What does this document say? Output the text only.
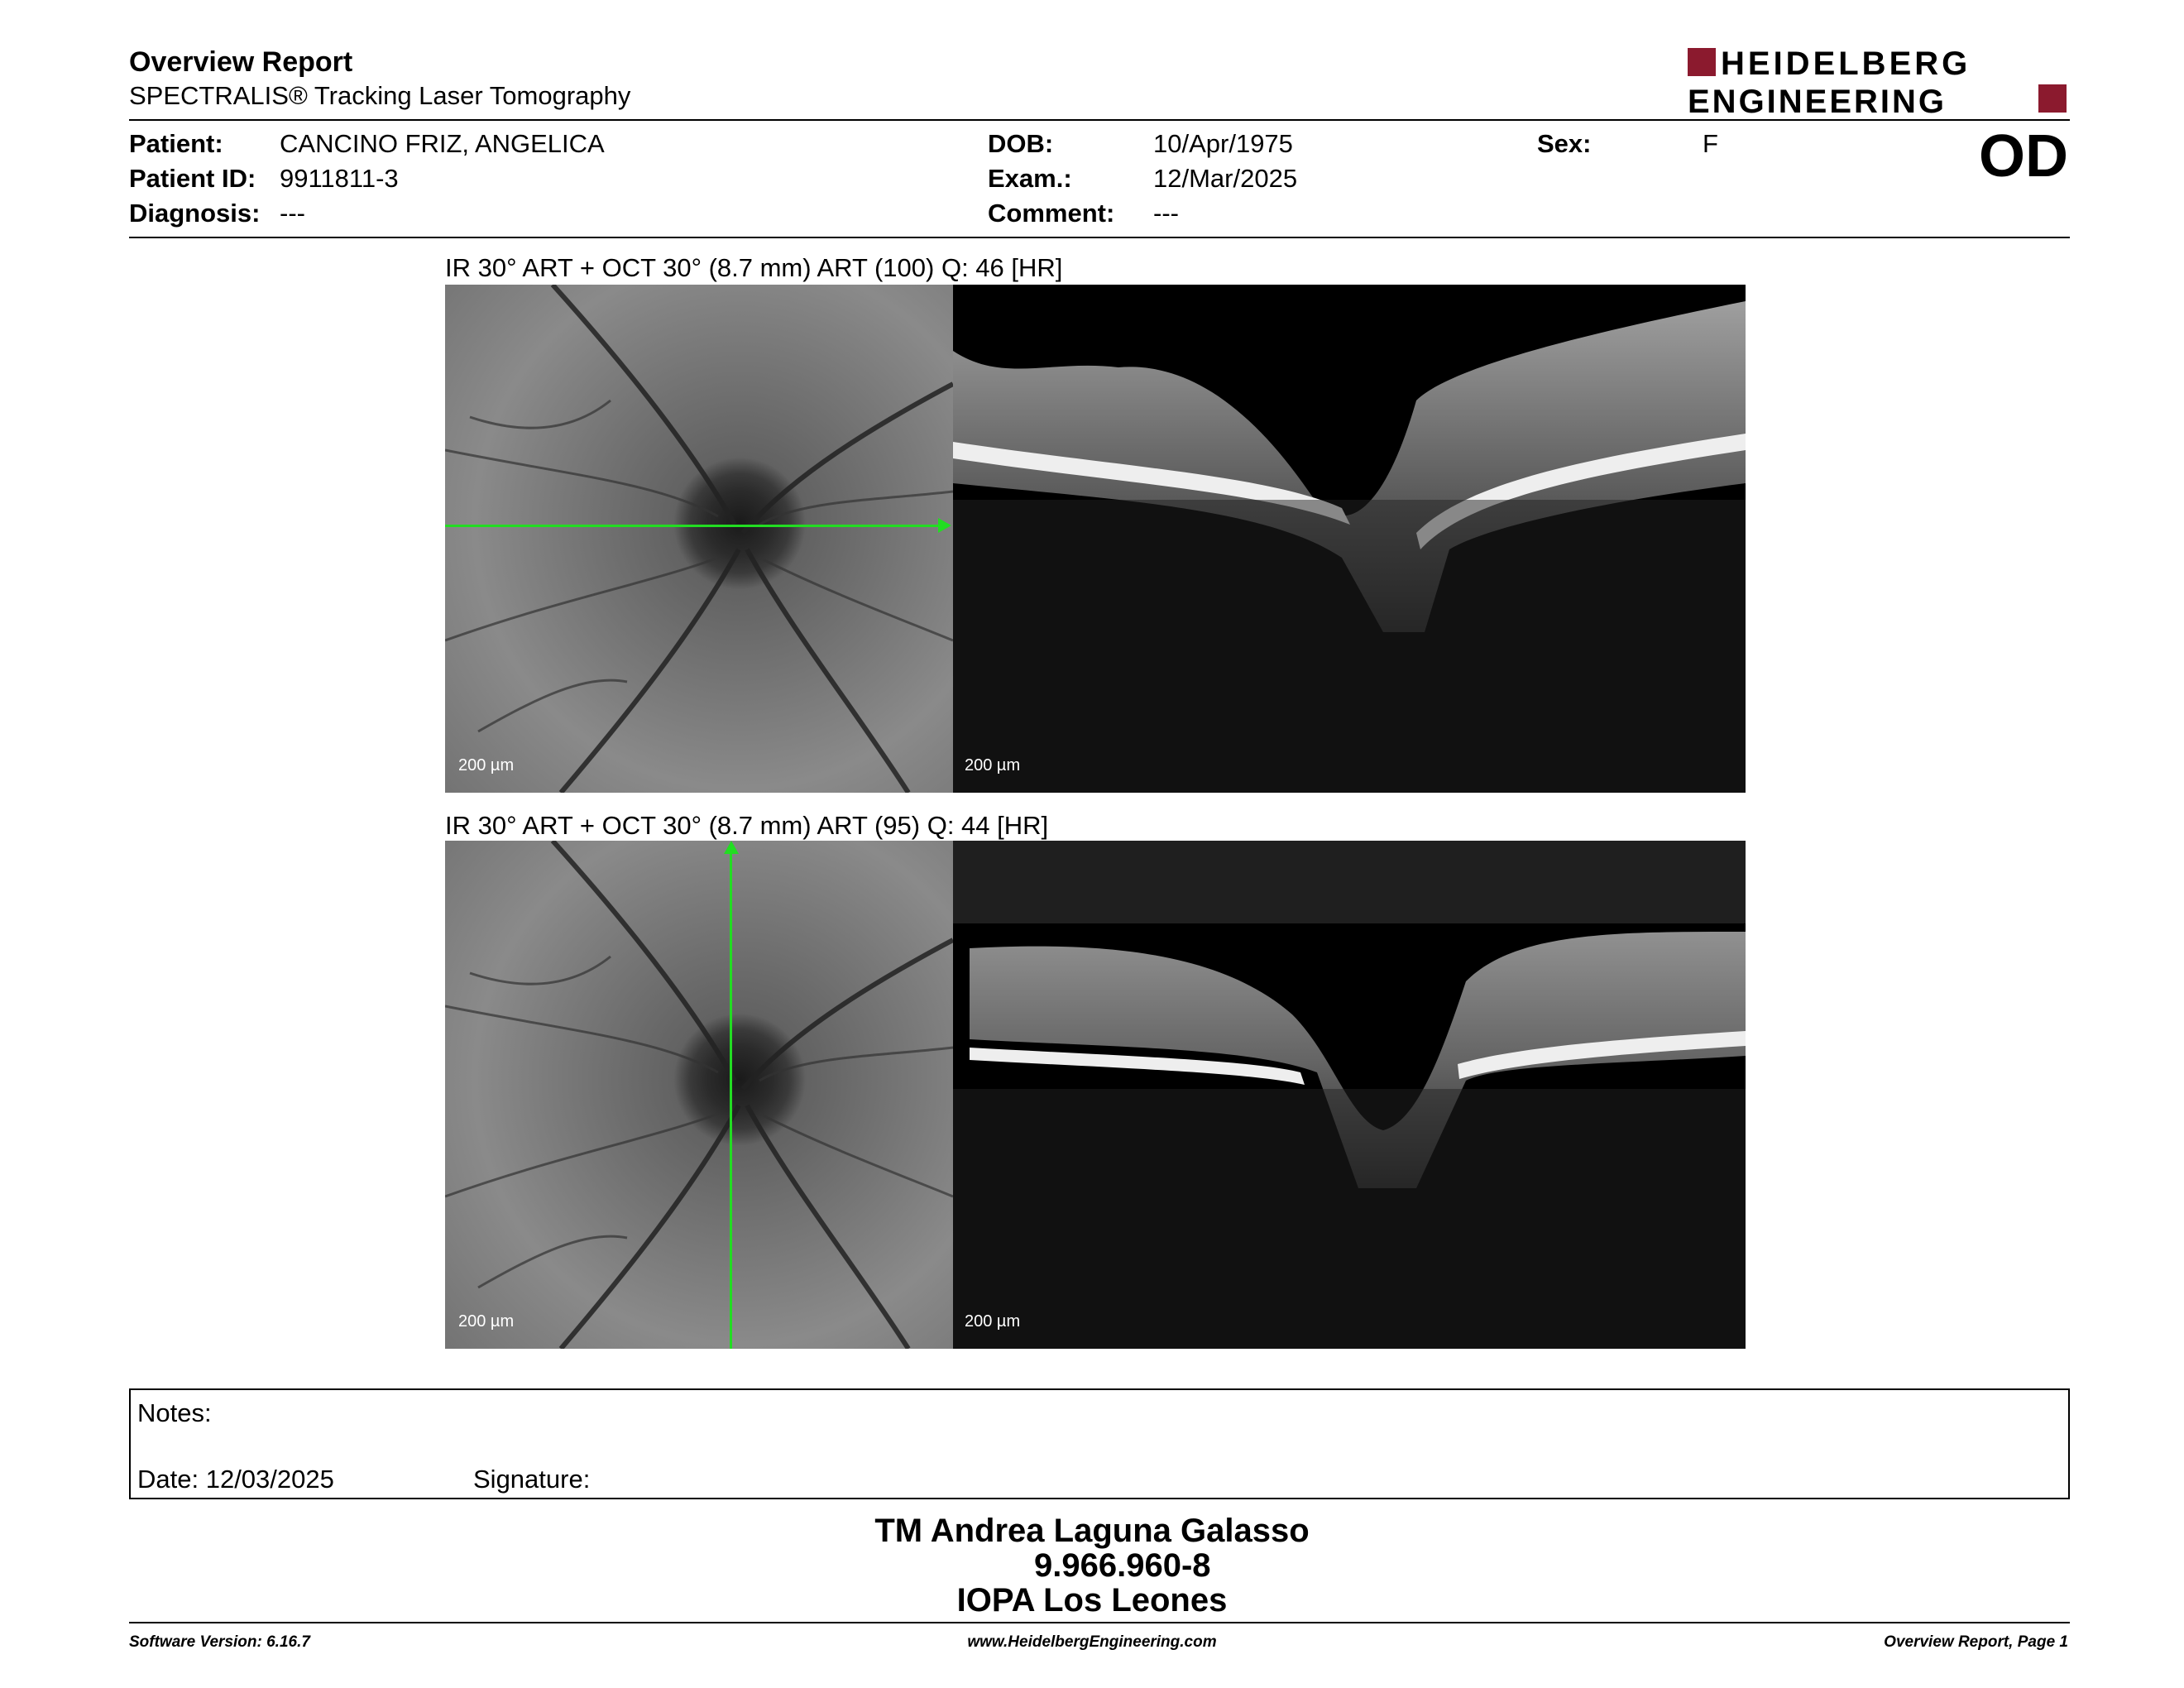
Overview Report
SPECTRALIS® Tracking Laser Tomography
HEIDELBERG
ENGINEERING
Patient: CANCINO FRIZ, ANGELICA
Patient ID: 9911811-3
Diagnosis: ---
DOB:	10/Apr/1975
Exam.:	12/Mar/2025
Comment: ---
Sex:	F	OD
IR 30° ART + OCT 30° (8.7 mm) ART (100) Q: 46 [HR]
200 µm	200 µm
IR 30° ART + OCT 30° (8.7 mm) ART (95) Q: 44 [HR]
200 µm	200 µm
Notes:
Date: 12/03/2025	Signature:
TM Andrea Laguna Galasso
9.966.960-8
IOPA Los Leones
Software Version: 6.16.7	www.HeidelbergEngineering.com	Overview Report, Page 1
